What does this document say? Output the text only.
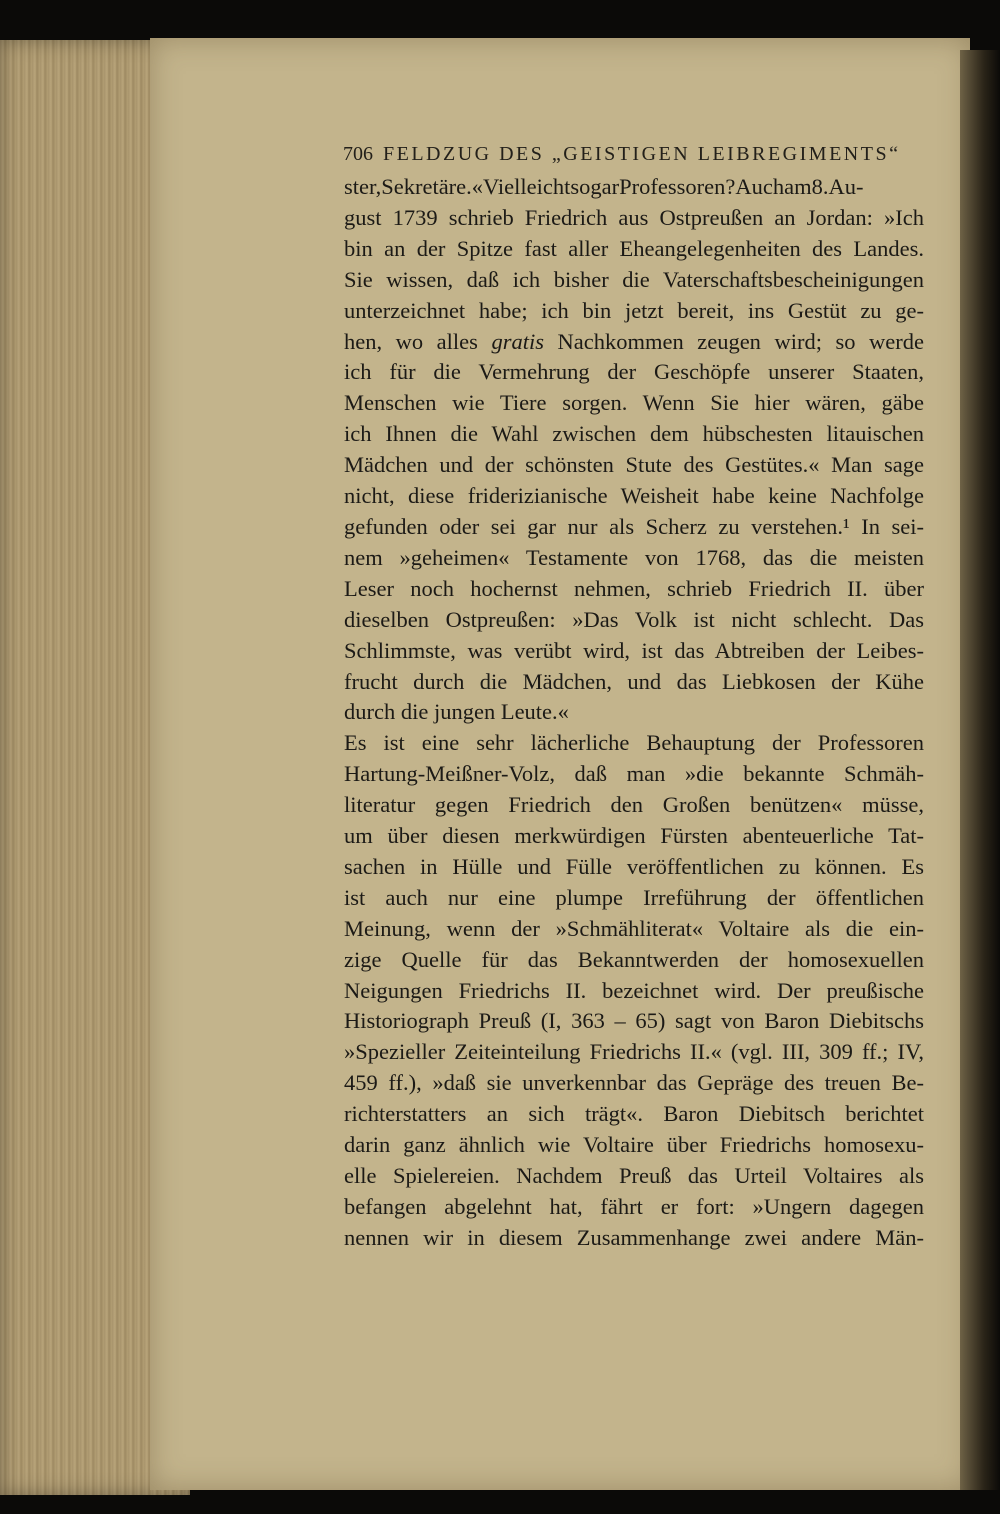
706 FELDZUG DES „GEISTIGEN LEIBREGIMENTS“
ster,Sekretäre.«VielleichtsogarProfessoren?Aucham8.Au-
gust 1739 schrieb Friedrich aus Ostpreußen an Jordan: »Ich
bin an der Spitze fast aller Eheangelegenheiten des Landes.
Sie wissen, daß ich bisher die Vaterschaftsbescheinigungen
unterzeichnet habe; ich bin jetzt bereit, ins Gestüt zu ge-
hen, wo alles gratis Nachkommen zeugen wird; so werde
ich für die Vermehrung der Geschöpfe unserer Staaten,
Menschen wie Tiere sorgen. Wenn Sie hier wären, gäbe
ich Ihnen die Wahl zwischen dem hübschesten litauischen
Mädchen und der schönsten Stute des Gestütes.« Man sage
nicht, diese friderizianische Weisheit habe keine Nachfolge
gefunden oder sei gar nur als Scherz zu verstehen.¹ In sei-
nem »geheimen« Testamente von 1768, das die meisten
Leser noch hochernst nehmen, schrieb Friedrich II. über
dieselben Ostpreußen: »Das Volk ist nicht schlecht. Das
Schlimmste, was verübt wird, ist das Abtreiben der Leibes-
frucht durch die Mädchen, und das Liebkosen der Kühe
durch die jungen Leute.«
Es ist eine sehr lächerliche Behauptung der Professoren
Hartung-Meißner-Volz, daß man »die bekannte Schmäh-
literatur gegen Friedrich den Großen benützen« müsse,
um über diesen merkwürdigen Fürsten abenteuerliche Tat-
sachen in Hülle und Fülle veröffentlichen zu können. Es
ist auch nur eine plumpe Irreführung der öffentlichen
Meinung, wenn der »Schmähliterat« Voltaire als die ein-
zige Quelle für das Bekanntwerden der homosexuellen
Neigungen Friedrichs II. bezeichnet wird. Der preußische
Historiograph Preuß (I, 363 – 65) sagt von Baron Diebitschs
»Spezieller Zeiteinteilung Friedrichs II.« (vgl. III, 309 ff.; IV,
459 ff.), »daß sie unverkennbar das Gepräge des treuen Be-
richterstatters an sich trägt«. Baron Diebitsch berichtet
darin ganz ähnlich wie Voltaire über Friedrichs homosexu-
elle Spielereien. Nachdem Preuß das Urteil Voltaires als
befangen abgelehnt hat, fährt er fort: »Ungern dagegen
nennen wir in diesem Zusammenhange zwei andere Män-
